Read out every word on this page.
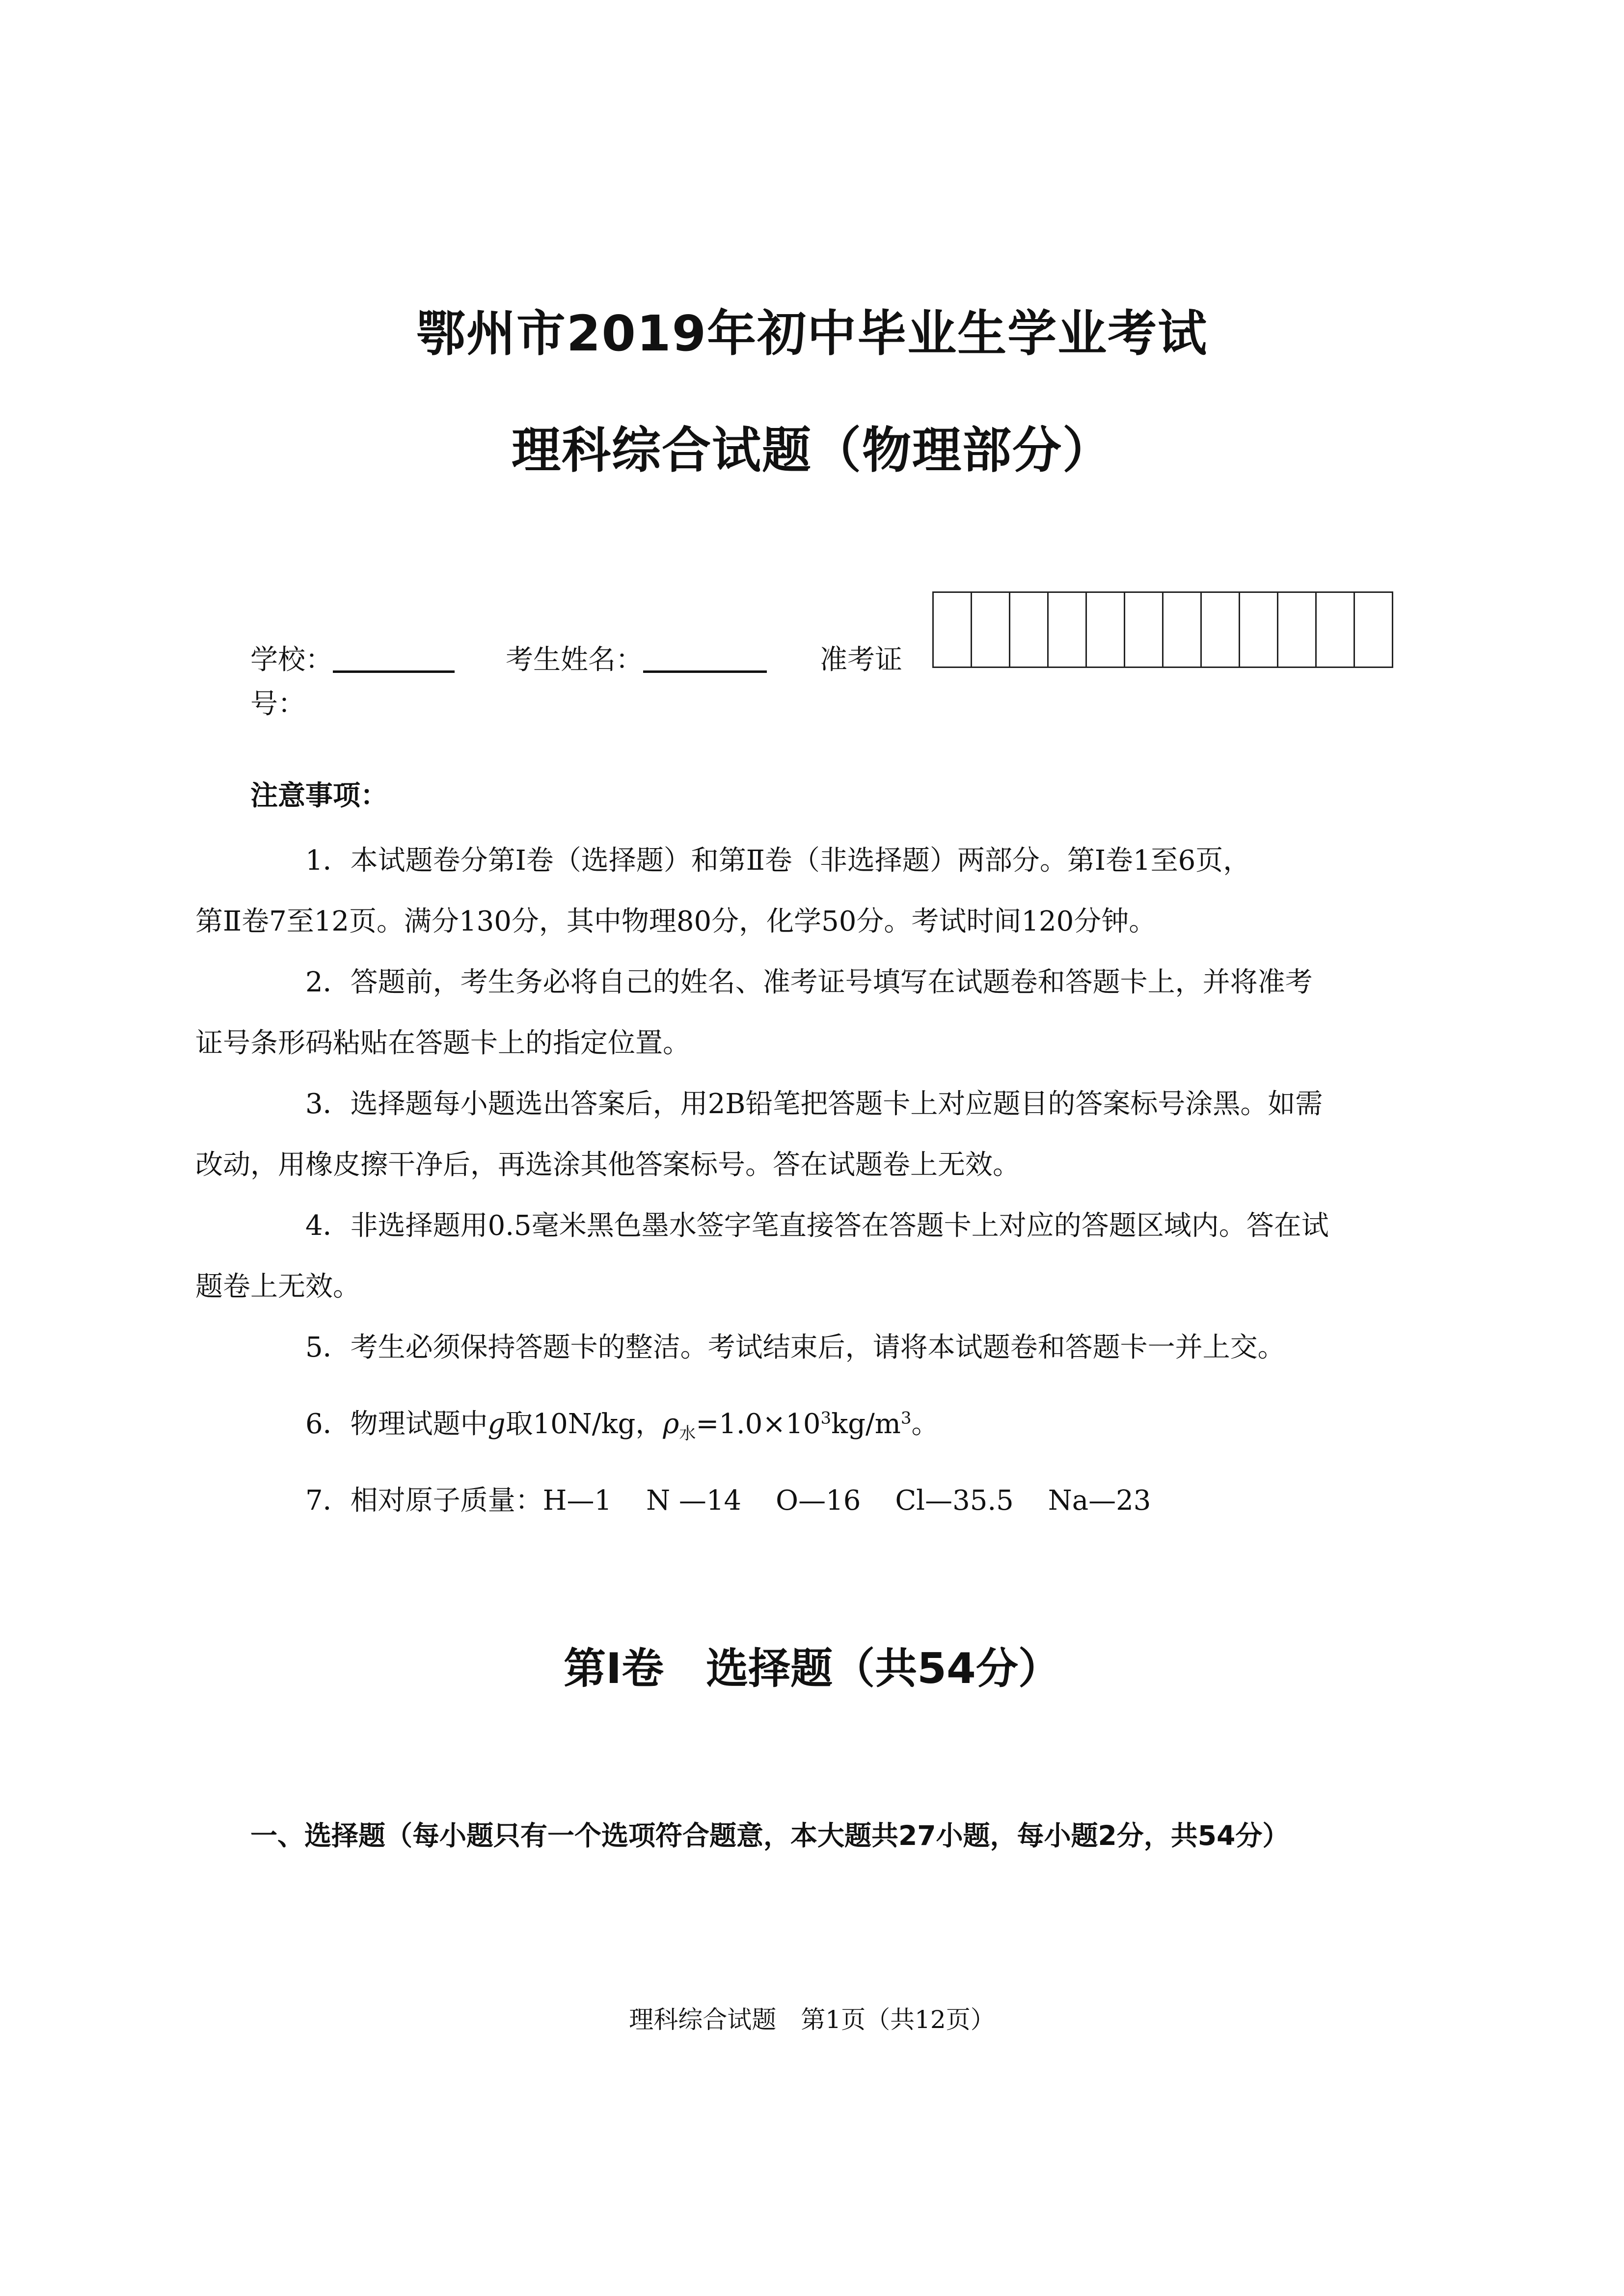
鄂州市2019年初中毕业生学业考试
理科综合试题（物理部分）
学校：	考生姓名：	准考证
号：
注意事项：
1．本试题卷分第Ⅰ卷（选择题）和第Ⅱ卷（非选择题）两部分。第Ⅰ卷1至6页，
第Ⅱ卷7至12页。满分130分，其中物理80分，化学50分。考试时间120分钟。
2．答题前，考生务必将自己的姓名、准考证号填写在试题卷和答题卡上，并将准考
证号条形码粘贴在答题卡上的指定位置。
3．选择题每小题选出答案后，用2B铅笔把答题卡上对应题目的答案标号涂黑。如需
改动，用橡皮擦干净后，再选涂其他答案标号。答在试题卷上无效。
4．非选择题用0.5毫米黑色墨水签字笔直接答在答题卡上对应的答题区域内。答在试
题卷上无效。
5．考生必须保持答题卡的整洁。考试结束后，请将本试题卷和答题卡一并上交。
6．物理试题中g取10N/kg，$\rho_水=1.0\times 10^3kg/m^3$。
7．相对原子质量：H—1 N —14 O—16 Cl—35.5 Na—23
第Ⅰ卷　选择题（共54分）
一、选择题（每小题只有一个选项符合题意，本大题共27小题，每小题2分，共54分）
理科综合试题　第1页（共12页）
